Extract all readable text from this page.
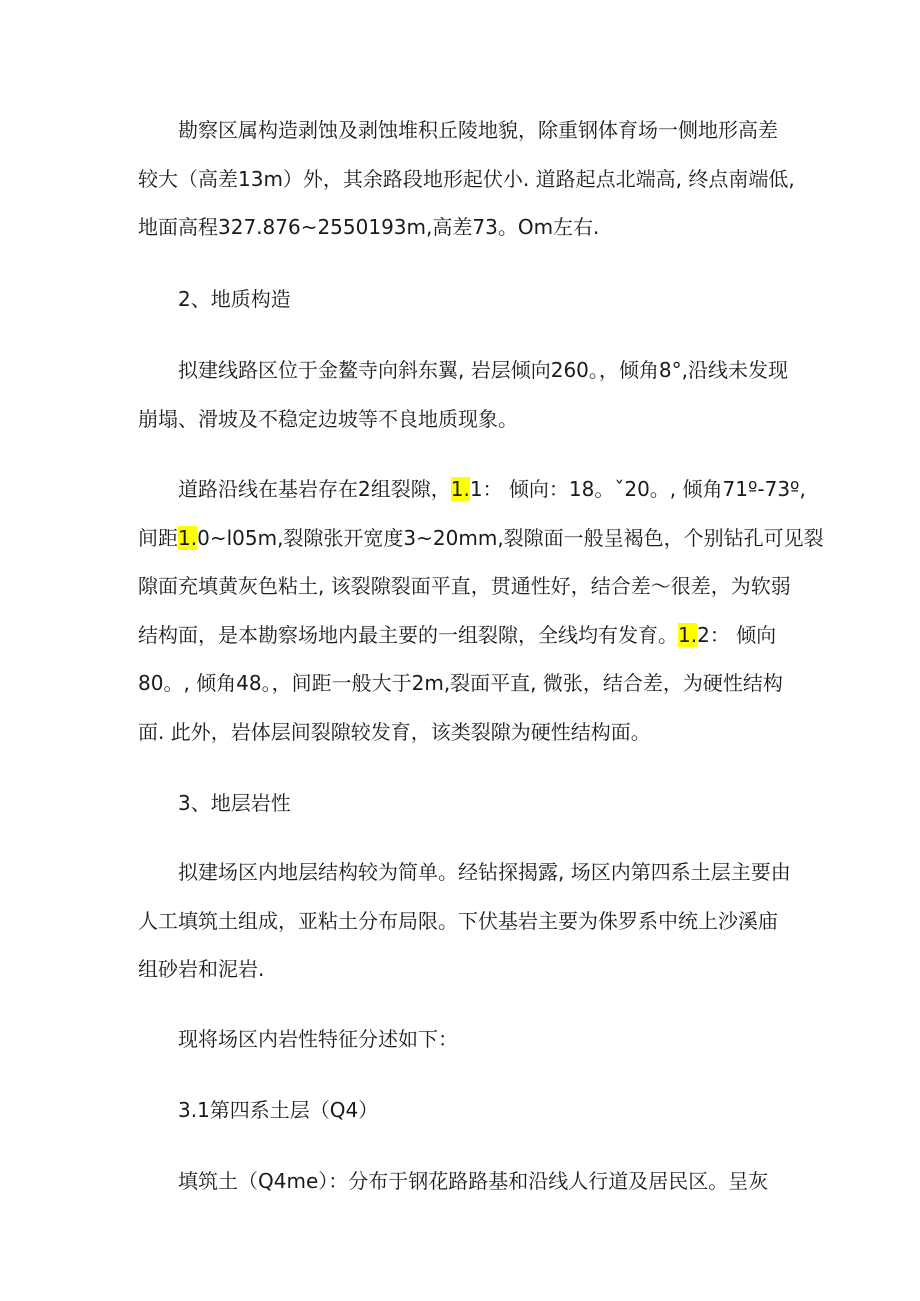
勘察区属构造剥蚀及剥蚀堆积丘陵地貌，除重钢体育场一侧地形高差
较大（高差13m）外，其余路段地形起伏小. 道路起点北端高, 终点南端低,
地面高程327.876~2550193m,高差73。Om左右.
2、地质构造
拟建线路区位于金鳌寺向斜东翼, 岩层倾向260。，倾角8°,沿线未发现
崩塌、滑坡及不稳定边坡等不良地质现象。
道路沿线在基岩存在2组裂隙，1.1： 倾向：18。ˇ20。, 倾角71º-73º,
间距1.0~l05m,裂隙张开宽度3~20mm,裂隙面一般呈褐色，个别钻孔可见裂
隙面充填黄灰色粘土, 该裂隙裂面平直，贯通性好，结合差～很差，为软弱
结构面，是本勘察场地内最主要的一组裂隙，全线均有发育。1.2： 倾向
80。, 倾角48。，间距一般大于2m,裂面平直, 微张，结合差，为硬性结构
面. 此外，岩体层间裂隙较发育，该类裂隙为硬性结构面。
3、地层岩性
拟建场区内地层结构较为简单。经钻探揭露, 场区内第四系土层主要由
人工填筑土组成，亚粘土分布局限。下伏基岩主要为侏罗系中统上沙溪庙
组砂岩和泥岩.
现将场区内岩性特征分述如下：
3.1第四系土层（Q4）
填筑土（Q4me）：分布于钢花路路基和沿线人行道及居民区。呈灰
